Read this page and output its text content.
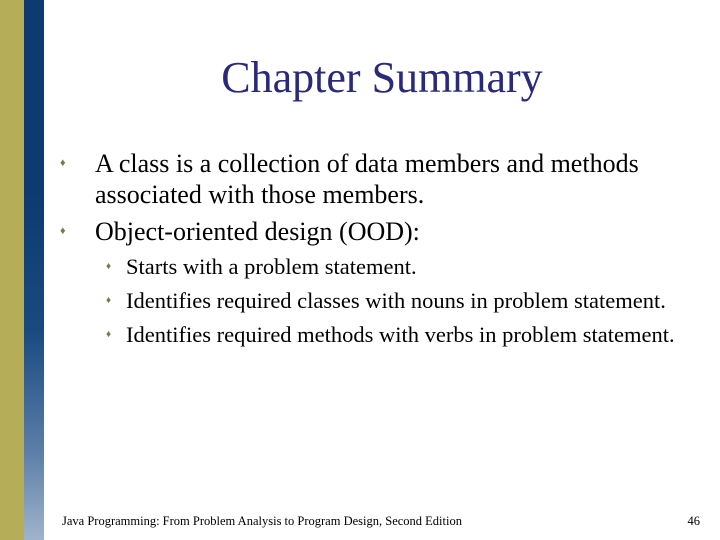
Chapter Summary
♦ A class is a collection of data members and methods associated with those members.
♦ Object-oriented design (OOD):
♦ Starts with a problem statement.
♦ Identifies required classes with nouns in problem statement.
♦ Identifies required methods with verbs in problem statement.
Java Programming: From Problem Analysis to Program Design, Second Edition	46
